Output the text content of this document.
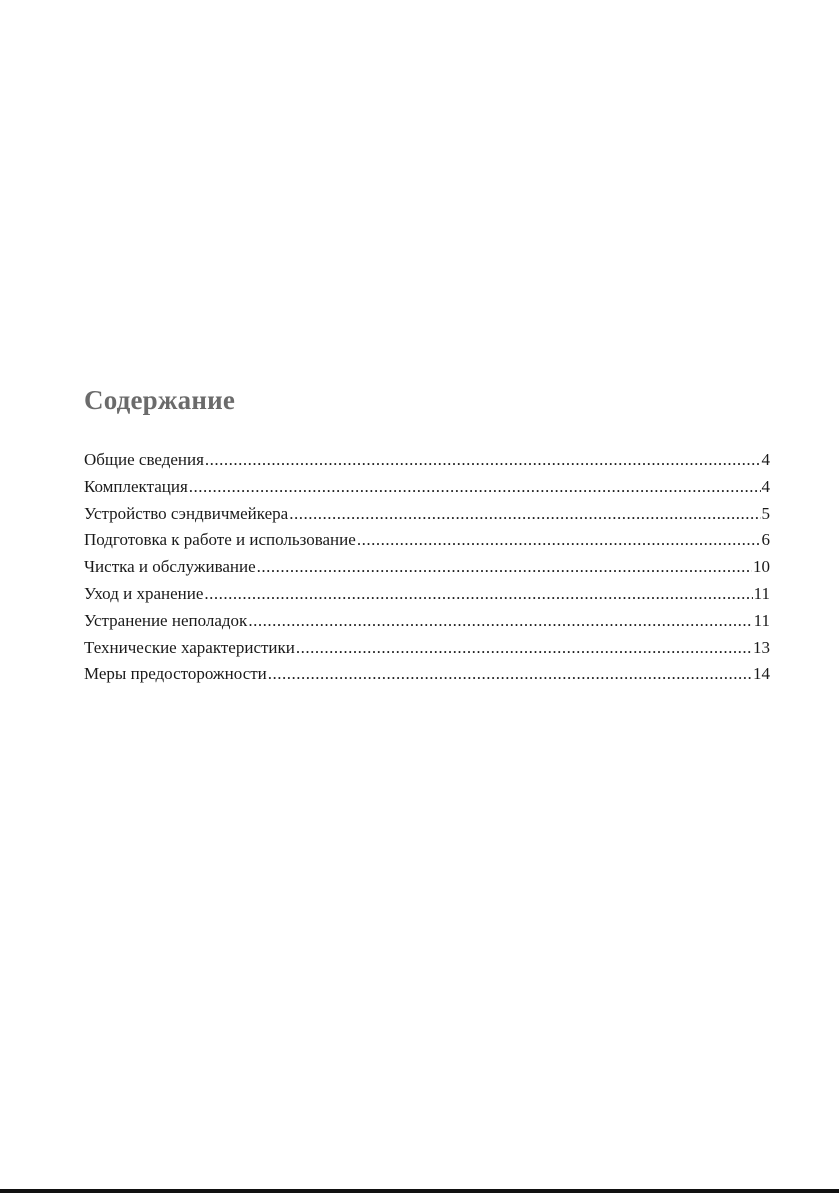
Содержание
Общие сведения .....	4
Комплектация .....	4
Устройство сэндвичмейкера .....	5
Подготовка к работе и использование .....	6
Чистка и обслуживание .....	10
Уход и хранение .....	11
Устранение неполадок .....	11
Технические характеристики .....	13
Меры предосторожности .....	14
